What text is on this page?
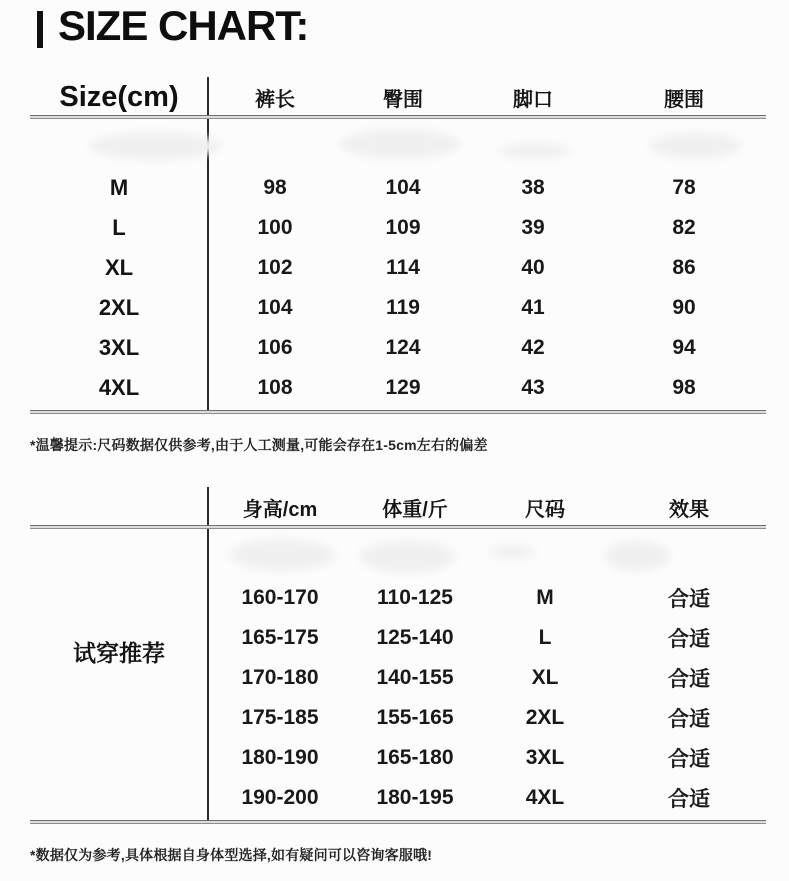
SIZE CHART:
Size(cm)	裤长	臀围	脚口	腰围
M	98	104	38	78
L	100	109	39	82
XL	102	114	40	86
2XL	104	119	41	90
3XL	106	124	42	94
4XL	108	129	43	98
*温馨提示:尺码数据仅供参考,由于人工测量,可能会存在1-5cm左右的偏差
身高/cm	体重/斤	尺码	效果
试穿推荐
160-170	110-125	M	合适
165-175	125-140	L	合适
170-180	140-155	XL	合适
175-185	155-165	2XL	合适
180-190	165-180	3XL	合适
190-200	180-195	4XL	合适
*数据仅为参考,具体根据自身体型选择,如有疑问可以咨询客服哦!
